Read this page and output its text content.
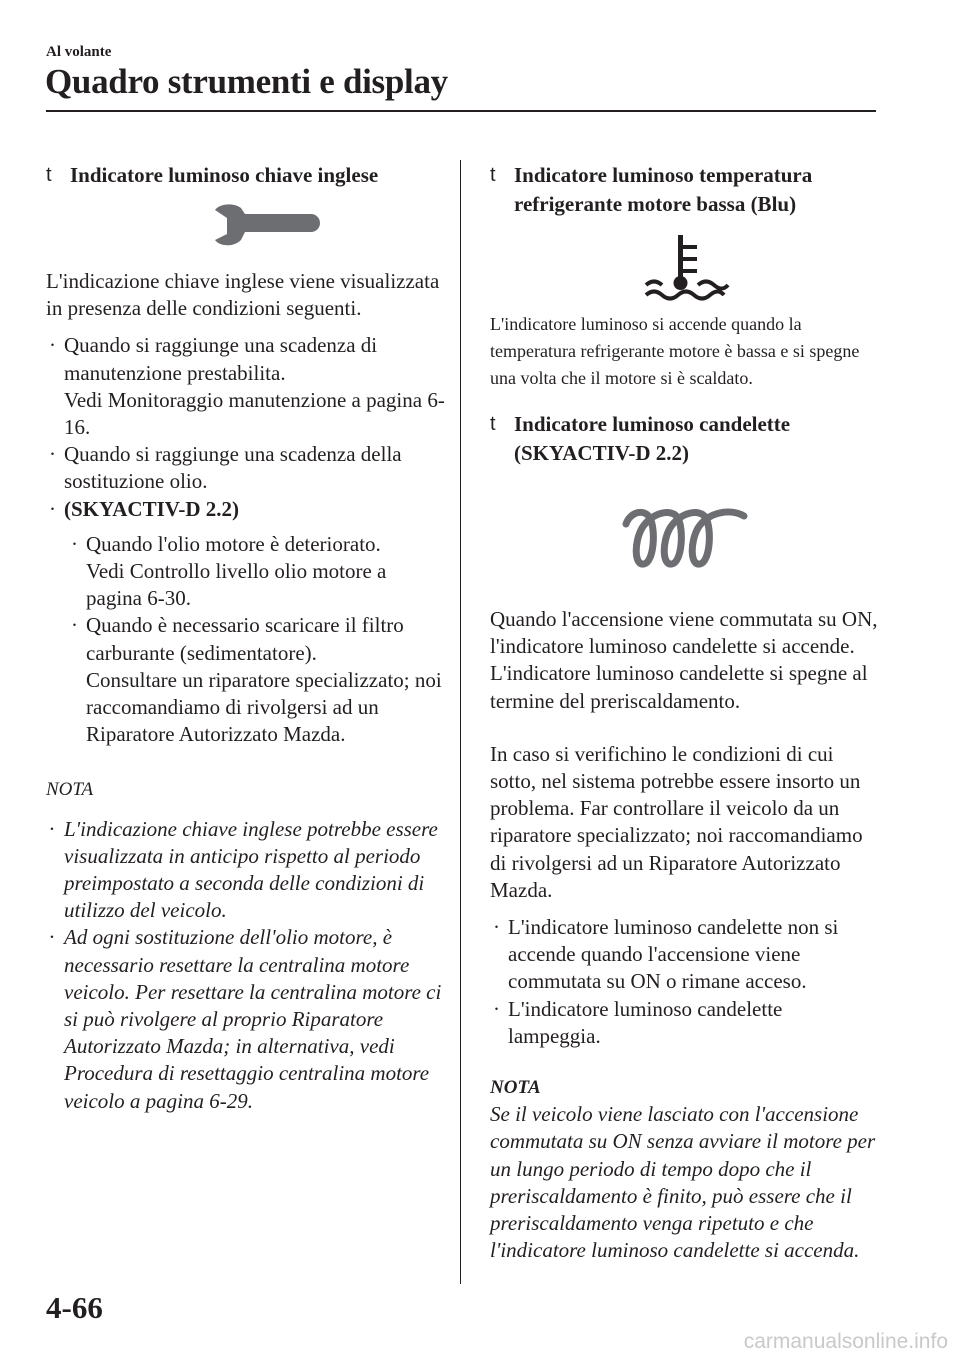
Al volante
Quadro strumenti e display
t Indicatore luminoso chiave inglese

L'indicazione chiave inglese viene visualizzata in presenza delle condizioni seguenti.

· Quando si raggiunge una scadenza di manutenzione prestabilita.
Vedi Monitoraggio manutenzione a pagina 6-16.
· Quando si raggiunge una scadenza della sostituzione olio.
· (SKYACTIV-D 2.2)
· Quando l'olio motore è deteriorato.
Vedi Controllo livello olio motore a pagina 6-30.
· Quando è necessario scaricare il filtro carburante (sedimentatore).
Consultare un riparatore specializzato; noi raccomandiamo di rivolgersi ad un Riparatore Autorizzato Mazda.
NOTA
· L'indicazione chiave inglese potrebbe essere visualizzata in anticipo rispetto al periodo preimpostato a seconda delle condizioni di utilizzo del veicolo.
· Ad ogni sostituzione dell'olio motore, è necessario resettare la centralina motore veicolo. Per resettare la centralina motore ci si può rivolgere al proprio Riparatore Autorizzato Mazda; in alternativa, vedi Procedura di resettaggio centralina motore veicolo a pagina 6-29.
t Indicatore luminoso temperatura refrigerante motore bassa (Blu)

L'indicatore luminoso si accende quando la temperatura refrigerante motore è bassa e si spegne una volta che il motore si è scaldato.

t Indicatore luminoso candelette (SKYACTIV-D 2.2)

Quando l'accensione viene commutata su ON, l'indicatore luminoso candelette si accende. L'indicatore luminoso candelette si spegne al termine del preriscaldamento.

In caso si verifichino le condizioni di cui sotto, nel sistema potrebbe essere insorto un problema. Far controllare il veicolo da un riparatore specializzato; noi raccomandiamo di rivolgersi ad un Riparatore Autorizzato Mazda.

· L'indicatore luminoso candelette non si accende quando l'accensione viene commutata su ON o rimane acceso.
· L'indicatore luminoso candelette lampeggia.
NOTA

Se il veicolo viene lasciato con l'accensione commutata su ON senza avviare il motore per un lungo periodo di tempo dopo che il preriscaldamento è finito, può essere che il preriscaldamento venga ripetuto e che l'indicatore luminoso candelette si accenda.

4-66
carmanualsonline.info
